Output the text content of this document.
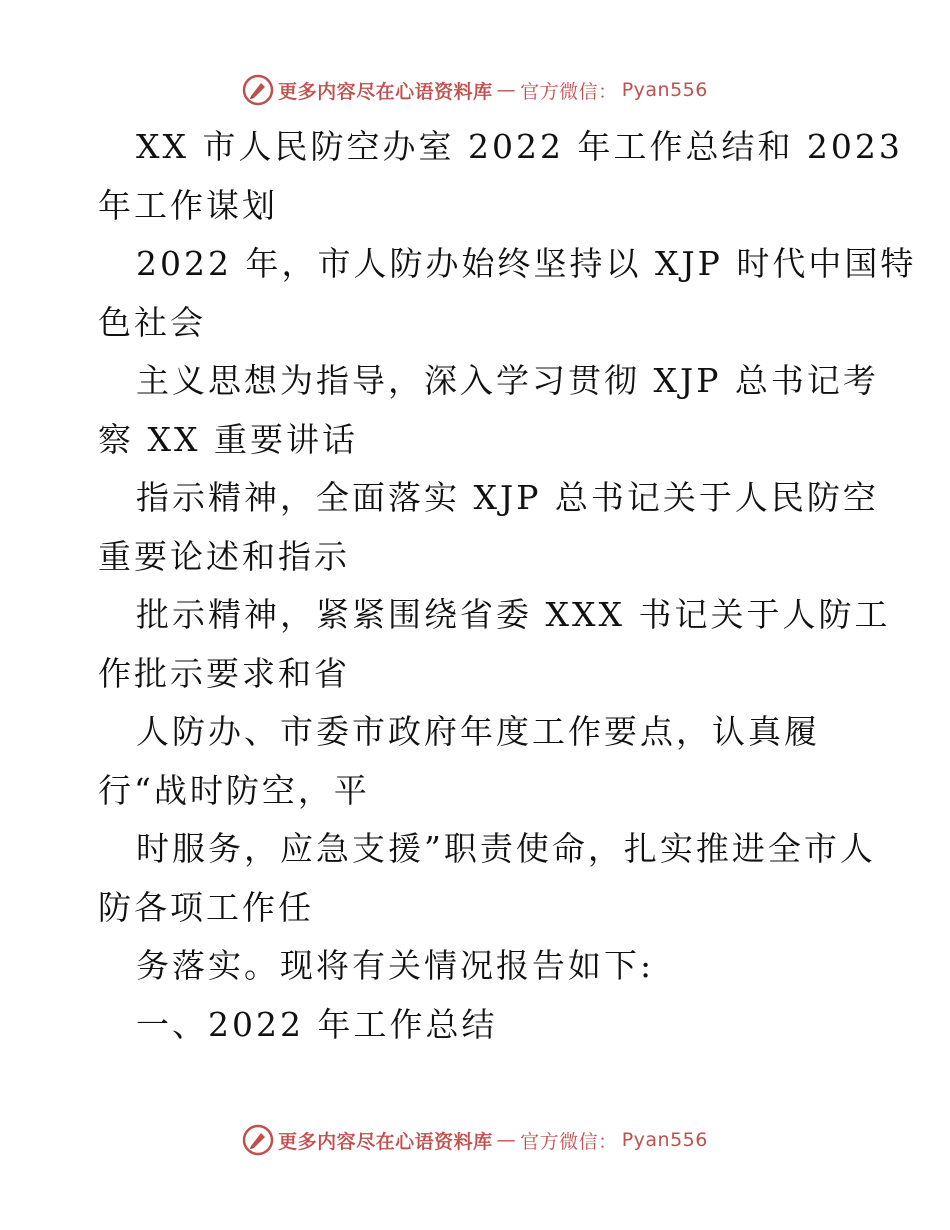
更多内容尽在心语资料库 — 官方微信： Pyan556
XX 市人民防空办室 2022 年工作总结和 2023
年工作谋划
2022 年，市人防办始终坚持以 XJP 时代中国特
色社会
主义思想为指导，深入学习贯彻 XJP 总书记考
察 XX 重要讲话
指示精神，全面落实 XJP 总书记关于人民防空
重要论述和指示
批示精神，紧紧围绕省委 XXX 书记关于人防工
作批示要求和省
人防办、市委市政府年度工作要点，认真履
行“战时防空，平
时服务，应急支援”职责使命，扎实推进全市人
防各项工作任
务落实。现将有关情况报告如下:
一、2022 年工作总结
更多内容尽在心语资料库 — 官方微信： Pyan556
